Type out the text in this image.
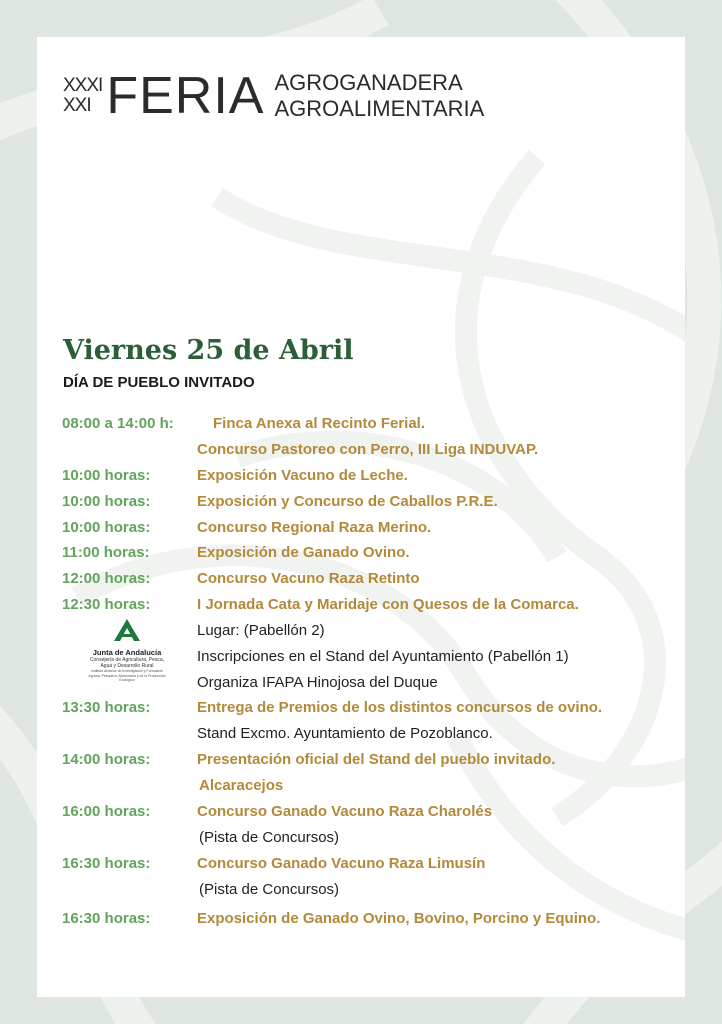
XXXI
XXI FERIA AGROGANADERA
AGROALIMENTARIA
Viernes 25 de Abril
DÍA DE PUEBLO INVITADO
08:00 a 14:00 h:	Finca Anexa al Recinto Ferial.
Concurso Pastoreo con Perro, III Liga INDUVAP.
10:00 horas:	Exposición Vacuno de Leche.
10:00 horas:	Exposición y Concurso de Caballos P.R.E.
10:00 horas:	Concurso Regional Raza Merino.
11:00 horas:	Exposición de Ganado Ovino.
12:00 horas:	Concurso Vacuno Raza Retinto
12:30 horas:	I Jornada Cata y Maridaje con Quesos de la Comarca.
Lugar: (Pabellón 2)
Inscripciones en el Stand del Ayuntamiento (Pabellón 1)
Organiza IFAPA Hinojosa del Duque
Junta de Andalucía
Consejería de Agricultura, Pesca, Agua y Desarrollo Rural
Instituto Andaluz de Investigación y Formación Agraria, Pesquera, Alimentaria y de la Producción Ecológica
13:30 horas:	Entrega de Premios de los distintos concursos de ovino.
Stand Excmo. Ayuntamiento de Pozoblanco.
14:00 horas:	Presentación oficial del Stand del pueblo invitado.
Alcaracejos
16:00 horas:	Concurso Ganado Vacuno Raza Charolés
(Pista de Concursos)
16:30 horas:	Concurso Ganado Vacuno Raza Limusín
(Pista de Concursos)
16:30 horas:	Exposición de Ganado Ovino, Bovino, Porcino y Equino.
